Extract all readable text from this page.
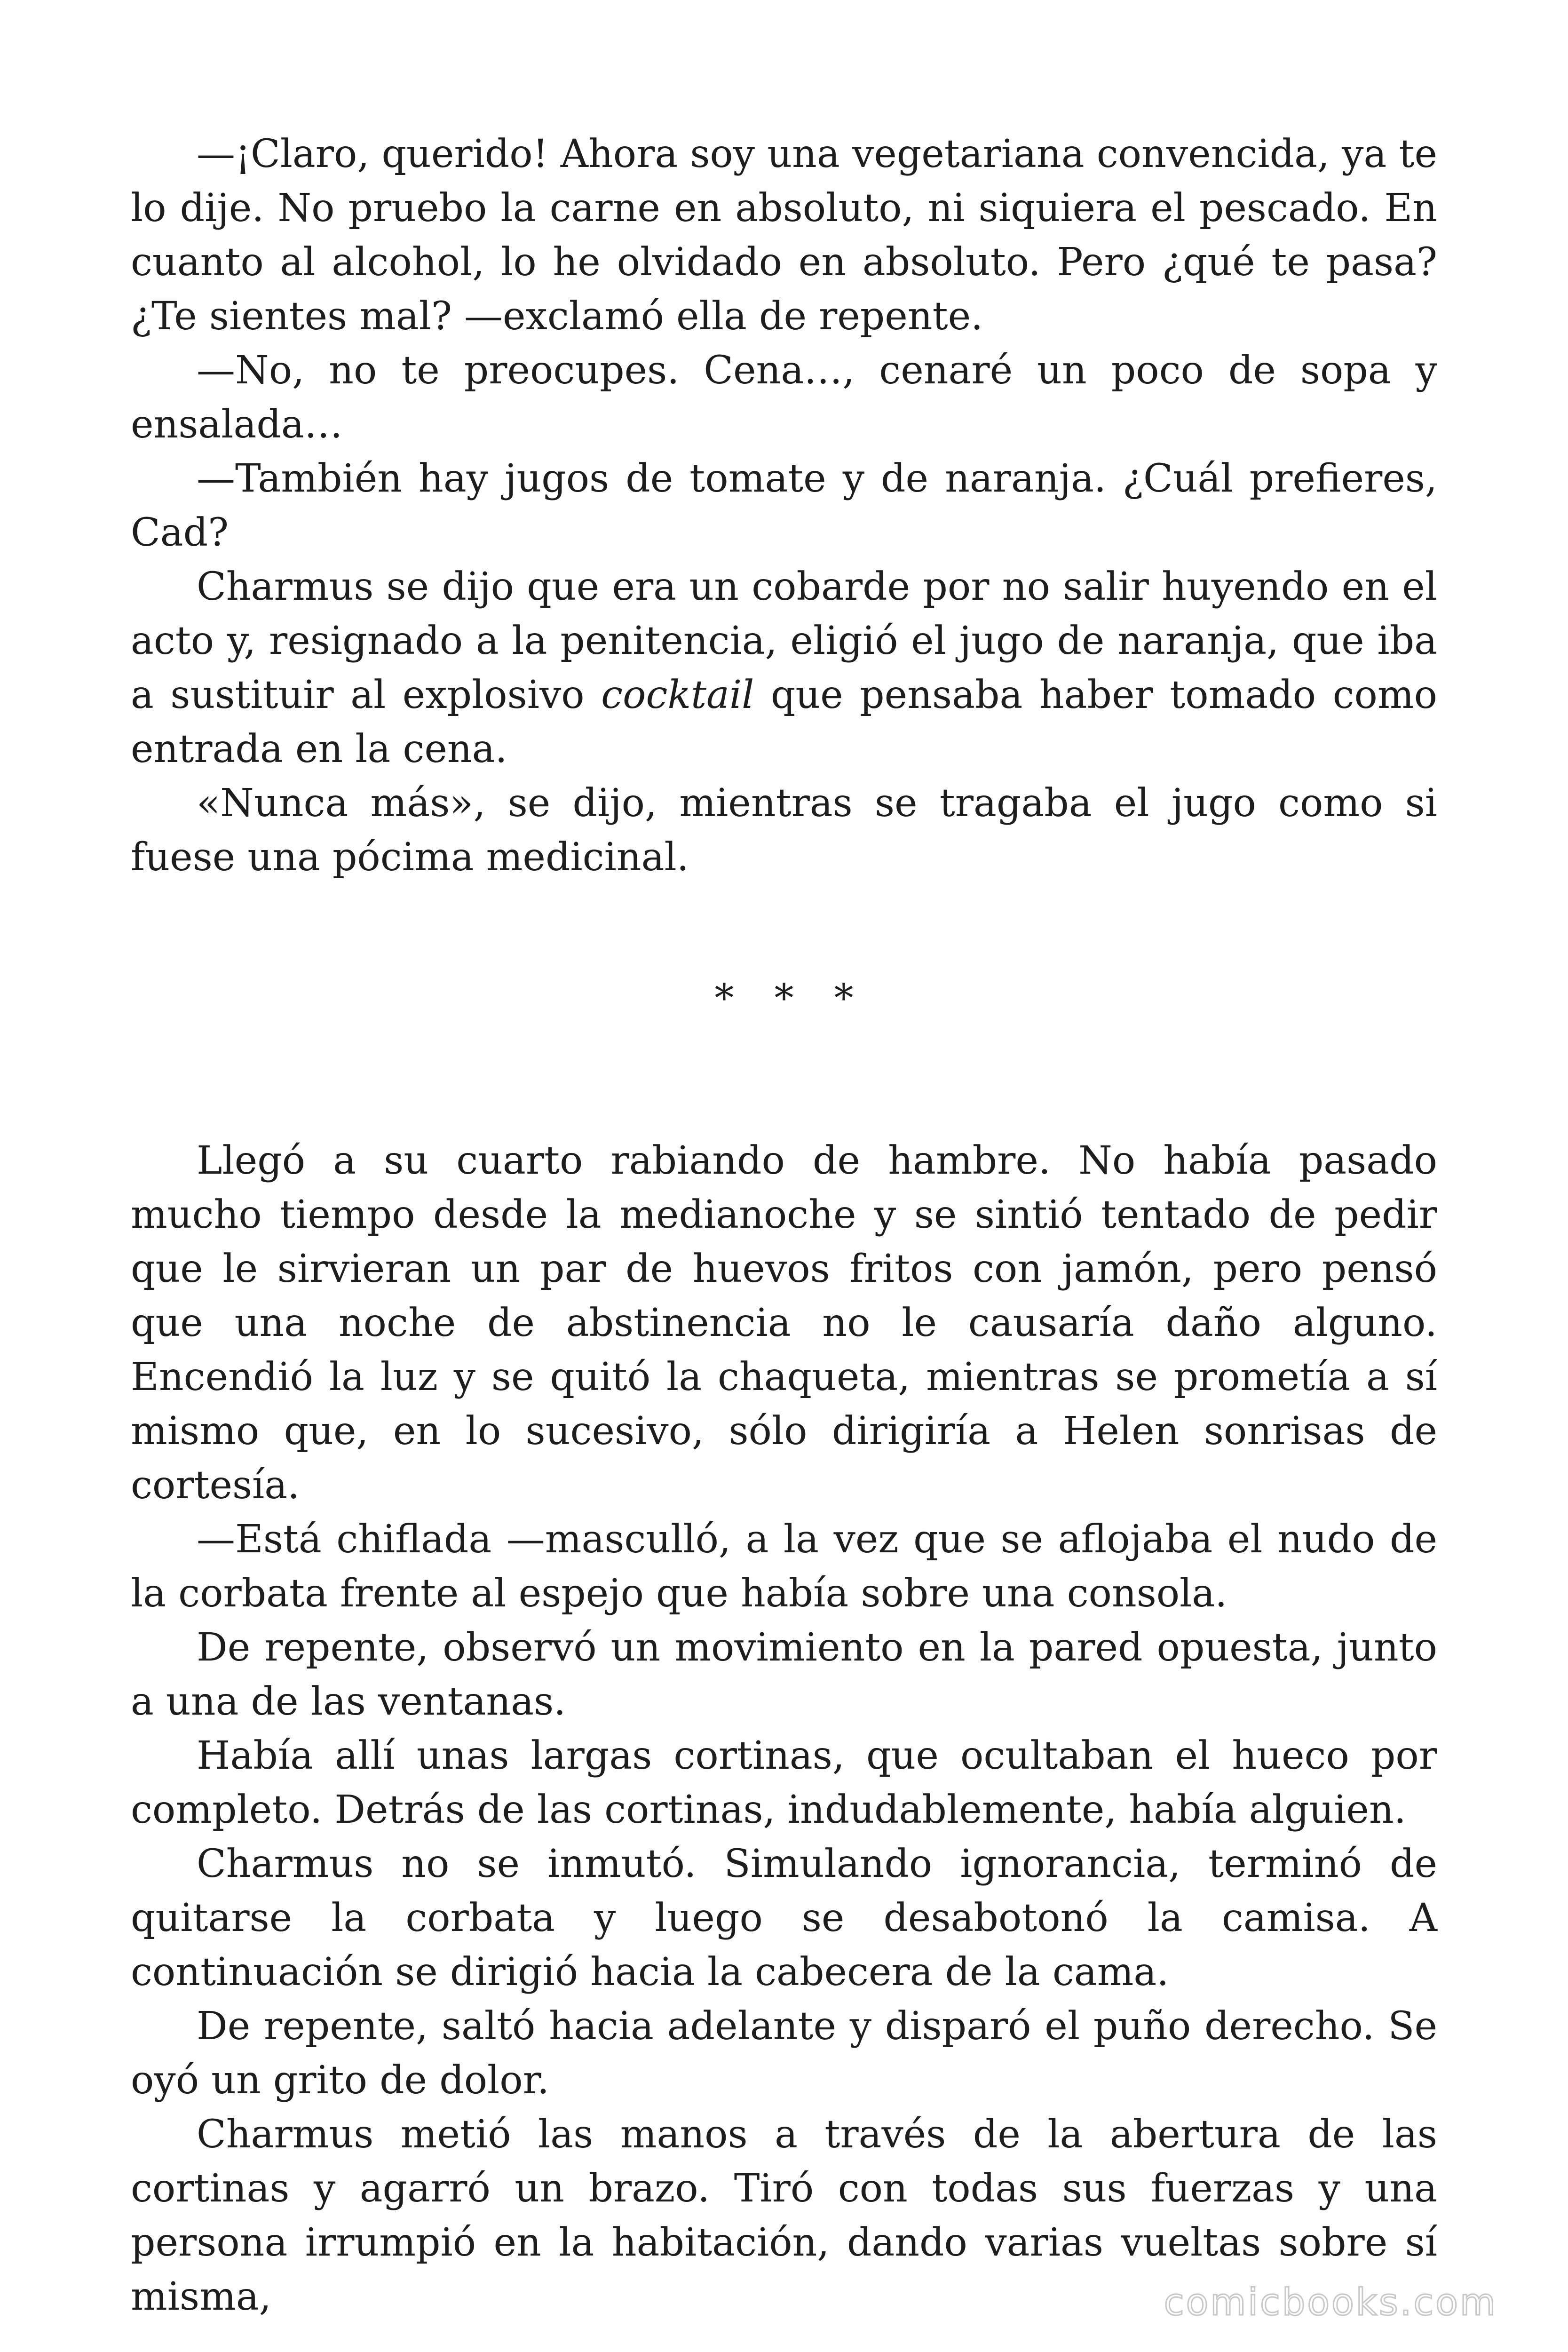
—¡Claro, querido! Ahora soy una vegetariana convencida, ya te lo dije. No pruebo la carne en absoluto, ni siquiera el pescado. En cuanto al alcohol, lo he olvidado en absoluto. Pero ¿qué te pasa? ¿Te sientes mal? —exclamó ella de repente.

—No, no te preocupes. Cena…, cenaré un poco de sopa y ensalada…

—También hay jugos de tomate y de naranja. ¿Cuál prefieres, Cad?

Charmus se dijo que era un cobarde por no salir huyendo en el acto y, resignado a la penitencia, eligió el jugo de naranja, que iba a sustituir al explosivo cocktail que pensaba haber tomado como entrada en la cena.

«Nunca más», se dijo, mientras se tragaba el jugo como si fuese una pócima medicinal.

* * *

Llegó a su cuarto rabiando de hambre. No había pasado mucho tiempo desde la medianoche y se sintió tentado de pedir que le sirvieran un par de huevos fritos con jamón, pero pensó que una noche de abstinencia no le causaría daño alguno. Encendió la luz y se quitó la chaqueta, mientras se prometía a sí mismo que, en lo sucesivo, sólo dirigiría a Helen sonrisas de cortesía.

—Está chiflada —masculló, a la vez que se aflojaba el nudo de la corbata frente al espejo que había sobre una consola.

De repente, observó un movimiento en la pared opuesta, junto a una de las ventanas.

Había allí unas largas cortinas, que ocultaban el hueco por completo. Detrás de las cortinas, indudablemente, había alguien.

Charmus no se inmutó. Simulando ignorancia, terminó de quitarse la corbata y luego se desabotonó la camisa. A continuación se dirigió hacia la cabecera de la cama.

De repente, saltó hacia adelante y disparó el puño derecho. Se oyó un grito de dolor.

Charmus metió las manos a través de la abertura de las cortinas y agarró un brazo. Tiró con todas sus fuerzas y una persona irrumpió en la habitación, dando varias vueltas sobre sí misma,	comicbooks.com
